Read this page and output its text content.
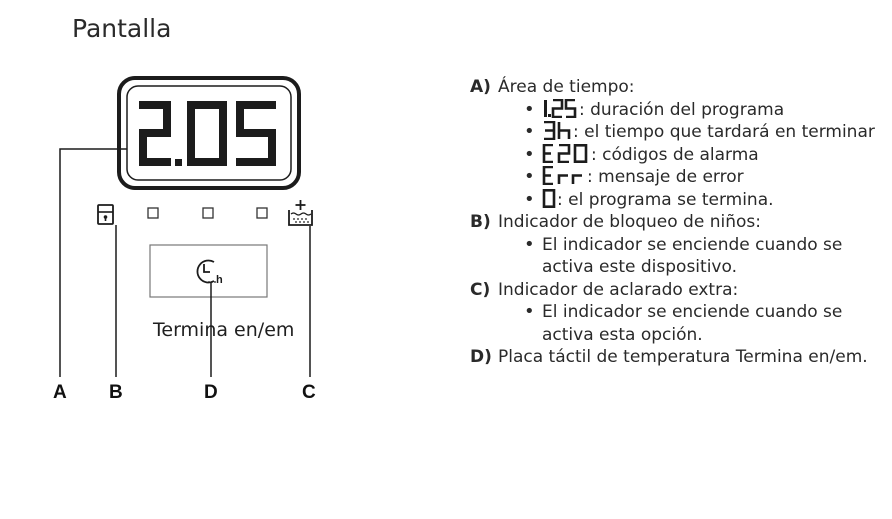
Pantalla
h
Termina en/em
A B	D	C
A) Área de tiempo:
• : duración del programa
• : el tiempo que tardará en terminar
• : códigos de alarma
• : mensaje de error
• : el programa se termina.
B) Indicador de bloqueo de niños:
• El indicador se enciende cuando se activa este dispositivo.
C) Indicador de aclarado extra:
• El indicador se enciende cuando se activa esta opción.
D) Placa táctil de temperatura Termina en/em.
